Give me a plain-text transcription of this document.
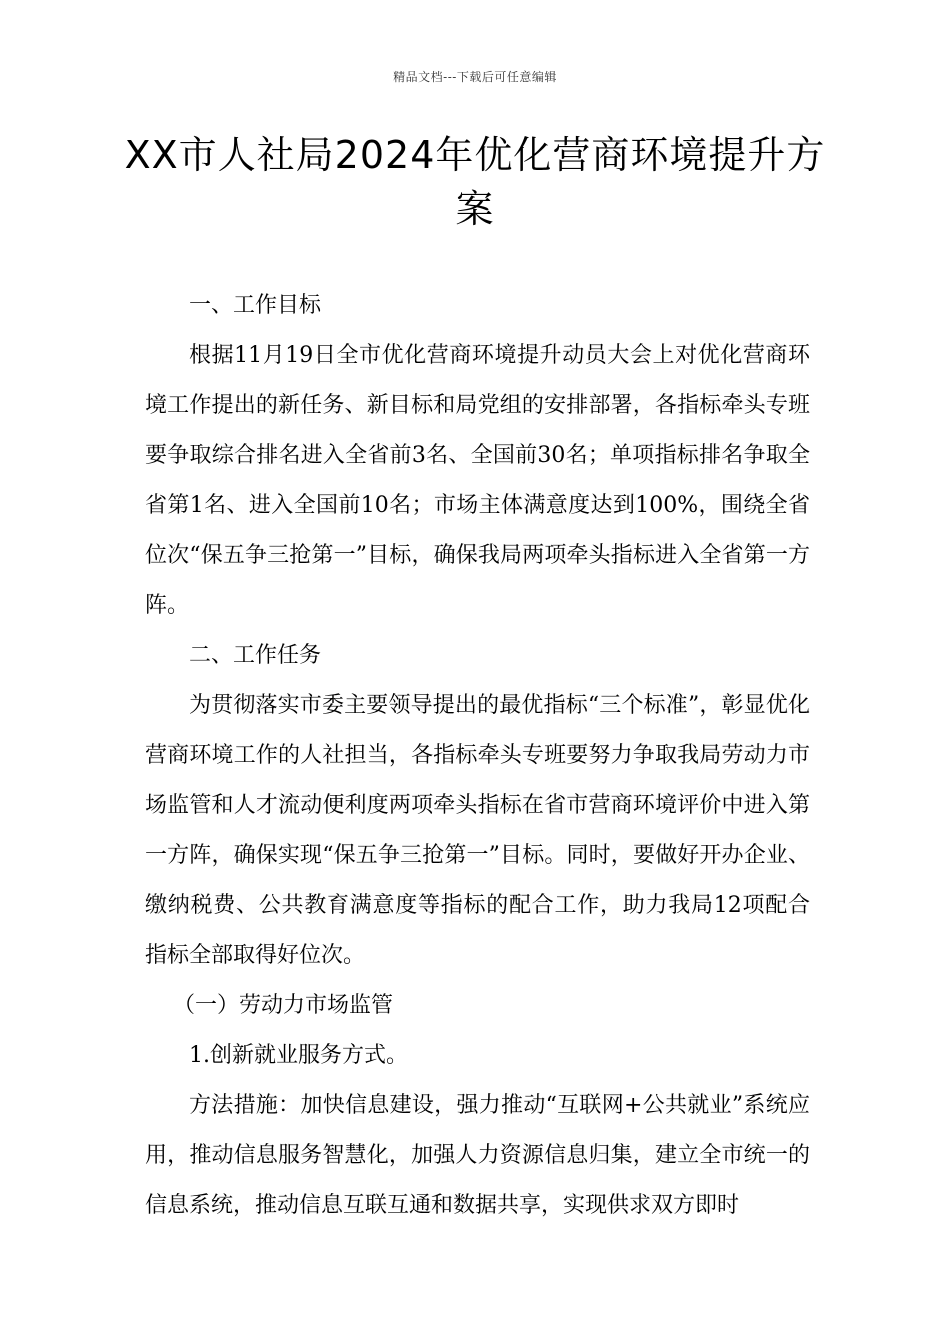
精品文档---下载后可任意编辑
XX市人社局2024年优化营商环境提升方案

一、工作目标

根据11月19日全市优化营商环境提升动员大会上对优化营商环境工作提出的新任务、新目标和局党组的安排部署，各指标牵头专班要争取综合排名进入全省前3名、全国前30名；单项指标排名争取全省第1名、进入全国前10名；市场主体满意度达到100%，围绕全省位次“保五争三抢第一”目标，确保我局两项牵头指标进入全省第一方阵。

二、工作任务

为贯彻落实市委主要领导提出的最优指标“三个标准”，彰显优化营商环境工作的人社担当，各指标牵头专班要努力争取我局劳动力市场监管和人才流动便利度两项牵头指标在省市营商环境评价中进入第一方阵，确保实现“保五争三抢第一”目标。同时，要做好开办企业、缴纳税费、公共教育满意度等指标的配合工作，助力我局12项配合指标全部取得好位次。

（一）劳动力市场监管

1.创新就业服务方式。

方法措施：加快信息建设，强力推动“互联网+公共就业”系统应用，推动信息服务智慧化，加强人力资源信息归集，建立全市统一的信息系统，推动信息互联互通和数据共享，实现供求双方即时
